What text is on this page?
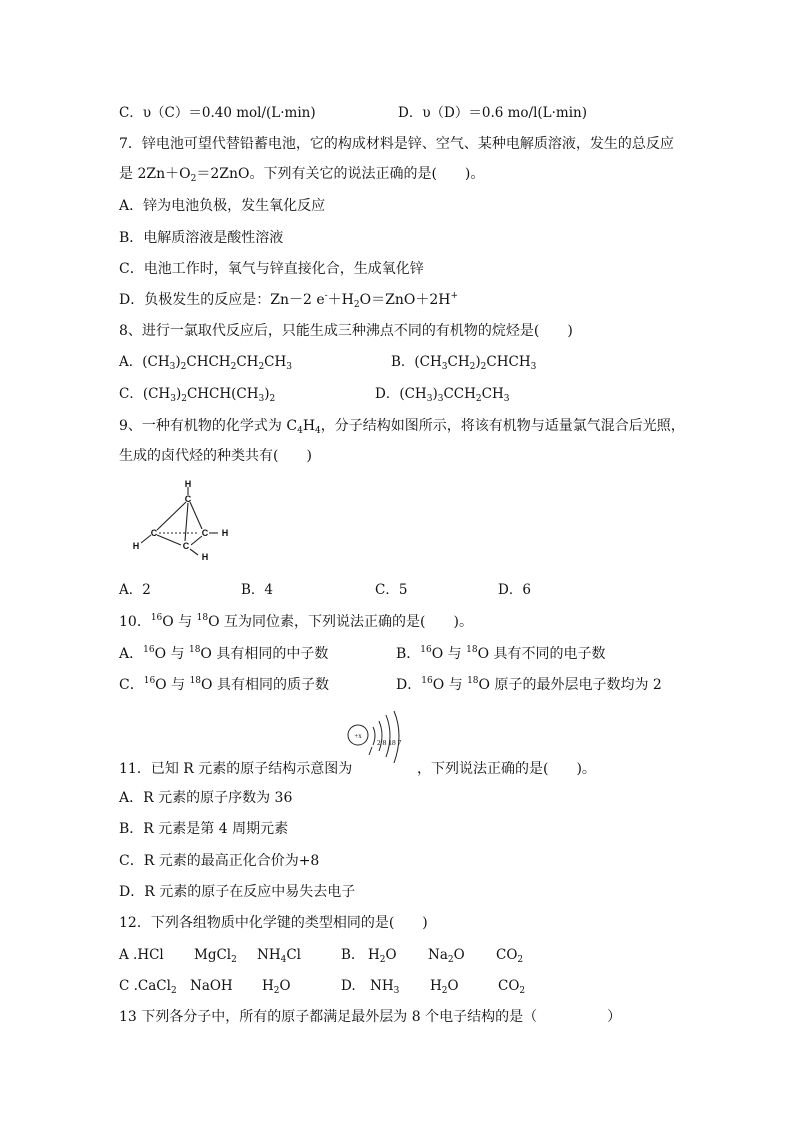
C．υ（C）＝0.40 mol/(L·min)	D．υ（D）＝0.6 mo/l(L·min)
7．锌电池可望代替铅蓄电池，它的构成材料是锌、空气、某种电解质溶液，发生的总反应
是 $2Zn+O_2=2ZnO$。下列有关它的说法正确的是(　　)。
A．锌为电池负极，发生氧化反应
B．电解质溶液是酸性溶液
C．电池工作时，氧气与锌直接化合，生成氧化锌
D．负极发生的反应是：Zn－2 $e^-+H_2O=ZnO+2H^+$
8、进行一氯取代反应后，只能生成三种沸点不同的有机物的烷烃是(　　)
A．$(CH_3)_2CHCH_2CH_2CH_3$	B．$(CH_3CH_2)_2CHCH_3$
C．$(CH_3)_2CHCH(CH_3)_2$	D．$(CH_3)_3CCH_2CH_3$
9、一种有机物的化学式为 $C_4H_4$，分子结构如图所示，将该有机物与适量氯气混合后光照，
生成的卤代烃的种类共有(　　)
H
C
C	C
C
H
H
H
A．2	B．4	C．5	D．6
10．$^{16}$O 与 $^{18}$O 互为同位素，下列说法正确的是(　　)。
A．$^{16}$O 与 $^{18}$O 具有相同的中子数	B．$^{16}$O 与 $^{18}$O 具有不同的电子数
C．$^{16}$O 与 $^{18}$O 具有相同的质子数	D．$^{16}$O 与 $^{18}$O 原子的最外层电子数均为 2
+x
2 8 18 7
11．已知 R 元素的原子结构示意图为	，下列说法正确的是(　　)。
A．R 元素的原子序数为 36
B．R 元素是第 4 周期元素
C．R 元素的最高正化合价为+8
D．R 元素的原子在反应中易失去电子
12．下列各组物质中化学键的类型相同的是(　　)
A .HCl MgCl$_2$ $NH_4Cl$	B. $H_2O$ $Na_2O$ $CO_2$
C .CaCl$_2$ NaOH $H_2O$	D. $NH_3$ $H_2O$	$CO_2$
13 下列各分子中，所有的原子都满足最外层为 8 个电子结构的是（　　　　　）
